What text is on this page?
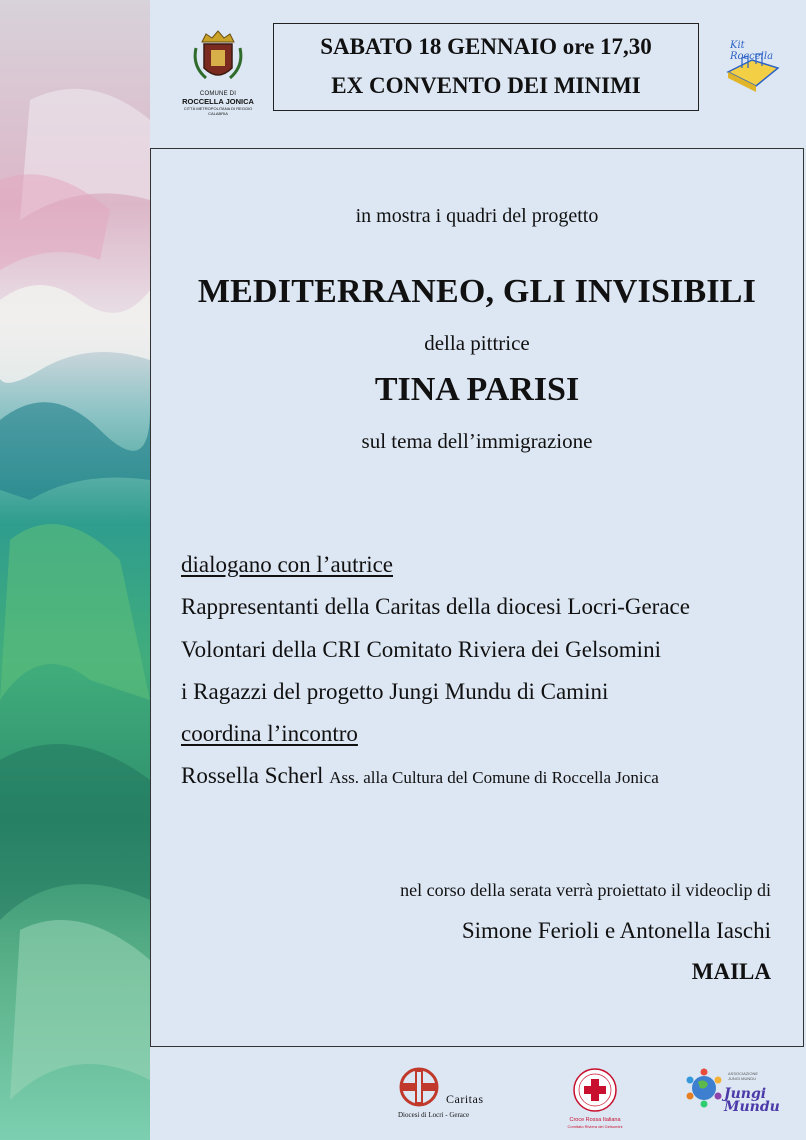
COMUNE DI
ROCCELLA JONICA
CITTÀ METROPOLITANA DI REGGIO CALABRIA
SABATO 18 GENNAIO ore 17,30
EX CONVENTO DEI MINIMI
Kit Roccella
in mostra i quadri del progetto
MEDITERRANEO, GLI INVISIBILI
della pittrice
TINA PARISI
sul tema dell’immigrazione
dialogano con l’autrice
Rappresentanti della Caritas della diocesi Locri-Gerace
Volontari della CRI Comitato Riviera dei Gelsomini
i Ragazzi del progetto Jungi Mundu di Camini
coordina l’incontro
Rossella Scherl Ass. alla Cultura del Comune di Roccella Jonica
nel corso della serata verrà proiettato il videoclip di
Simone Ferioli e Antonella Iaschi
MAILA
Caritas
Diocesi di Locri - Gerace
Croce Rossa Italiana
Comitato Riviera dei Gelsomini
ASSOCIAZIONE JUNGI MUNDU
Jungi Mundu
